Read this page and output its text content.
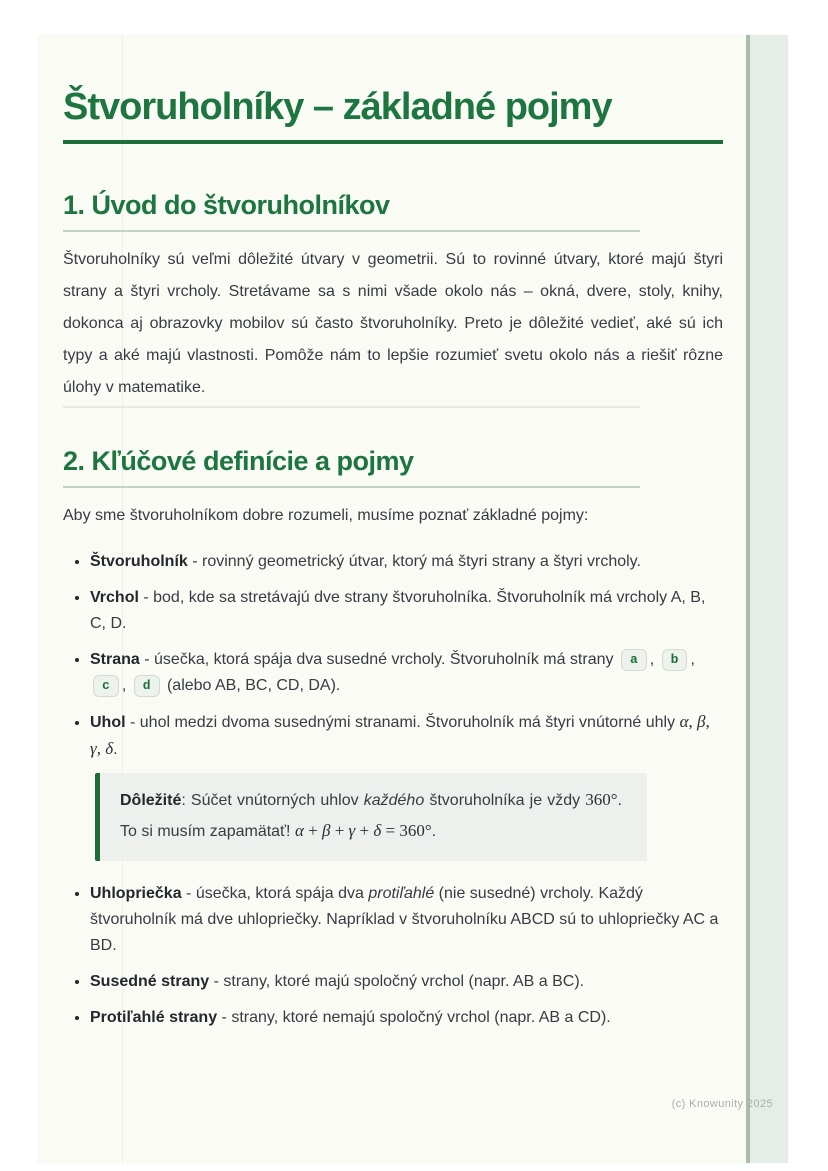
Štvoruholníky – základné pojmy
1. Úvod do štvoruholníkov

Štvoruholníky sú veľmi dôležité útvary v geometrii. Sú to rovinné útvary, ktoré majú štyri strany a štyri vrcholy. Stretávame sa s nimi všade okolo nás – okná, dvere, stoly, knihy, dokonca aj obrazovky mobilov sú často štvoruholníky. Preto je dôležité vedieť, aké sú ich typy a aké majú vlastnosti. Pomôže nám to lepšie rozumieť svetu okolo nás a riešiť rôzne úlohy v matematike.

2. Kľúčové definície a pojmy

Aby sme štvoruholníkom dobre rozumeli, musíme poznať základné pojmy:

• Štvoruholník - rovinný geometrický útvar, ktorý má štyri strany a štyri vrcholy.
• Vrchol - bod, kde sa stretávajú dve strany štvoruholníka. Štvoruholník má vrcholy A, B, C, D.
• Strana - úsečka, ktorá spája dva susedné vrcholy. Štvoruholník má strany a , b , c , d (alebo AB, BC, CD, DA).
• Uhol - uhol medzi dvoma susednými stranami. Štvoruholník má štyri vnútorné uhly α, β, γ, δ.
Dôležité: Súčet vnútorných uhlov každého štvoruholníka je vždy 360°. To si musím zapamätať! α + β + γ + δ = 360°.
• Uhlopriečka - úsečka, ktorá spája dva protiľahlé (nie susedné) vrcholy. Každý štvoruholník má dve uhlopriečky. Napríklad v štvoruholníku ABCD sú to uhlopriečky AC a BD.
• Susedné strany - strany, ktoré majú spoločný vrchol (napr. AB a BC).
• Protiľahlé strany - strany, ktoré nemajú spoločný vrchol (napr. AB a CD).
(c) Knowunity 2025
